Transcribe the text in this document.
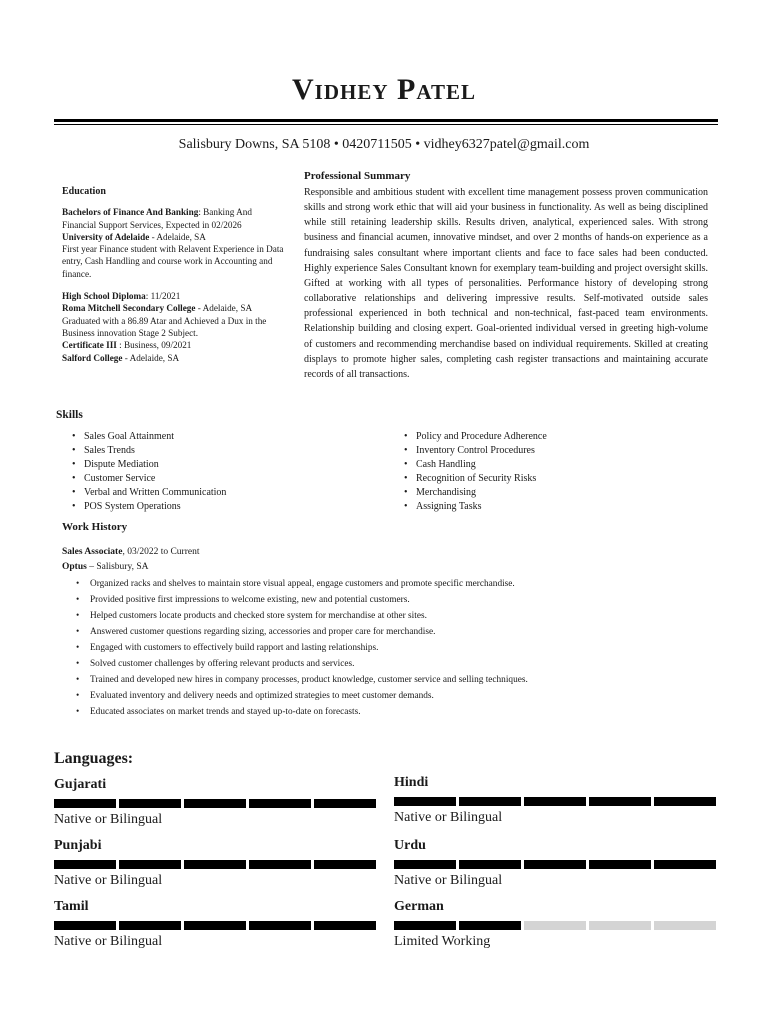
Vidhey Patel
Salisbury Downs, SA 5108 • 0420711505 • vidhey6327patel@gmail.com
Education
Bachelors of Finance And Banking: Banking And Financial Support Services, Expected in 02/2026
University of Adelaide - Adelaide, SA
First year Finance student with Relavent Experience in Data entry, Cash Handling and course work in Accounting and finance.
High School Diploma: 11/2021
Roma Mitchell Secondary College - Adelaide, SA
Graduated with a 86.89 Atar and Achieved a Dux in the Business innovation Stage 2 Subject.
Certificate III : Business, 09/2021
Salford College - Adelaide, SA
Professional Summary
Responsible and ambitious student with excellent time management possess proven communication skills and strong work ethic that will aid your business in functionality. As well as being disciplined while still retaining leadership skills. Results driven, analytical, experienced sales. With strong business and financial acumen, innovative mindset, and over 2 months of hands-on experience as a fundraising sales consultant where important clients and face to face sales had been conducted. Highly experience Sales Consultant known for exemplary team-building and project oversight skills. Gifted at working with all types of personalities. Performance history of developing strong collaborative relationships and delivering impressive results. Self-motivated outside sales professional experienced in both technical and non-technical, fast-paced team environments. Relationship building and closing expert. Goal-oriented individual versed in greeting high-volume of customers and recommending merchandise based on individual requirements. Skilled at creating displays to promote higher sales, completing cash register transactions and maintaining accurate records of all transactions.
Skills
• Sales Goal Attainment
• Sales Trends
• Dispute Mediation
• Customer Service
• Verbal and Written Communication
• POS System Operations
• Policy and Procedure Adherence
• Inventory Control Procedures
• Cash Handling
• Recognition of Security Risks
• Merchandising
• Assigning Tasks
Work History
Sales Associate, 03/2022 to Current
Optus – Salisbury, SA
• Organized racks and shelves to maintain store visual appeal, engage customers and promote specific merchandise.
• Provided positive first impressions to welcome existing, new and potential customers.
• Helped customers locate products and checked store system for merchandise at other sites.
• Answered customer questions regarding sizing, accessories and proper care for merchandise.
• Engaged with customers to effectively build rapport and lasting relationships.
• Solved customer challenges by offering relevant products and services.
• Trained and developed new hires in company processes, product knowledge, customer service and selling techniques.
• Evaluated inventory and delivery needs and optimized strategies to meet customer demands.
• Educated associates on market trends and stayed up-to-date on forecasts.
Languages:
Gujarati
Native or Bilingual
Hindi
Native or Bilingual
Punjabi
Native or Bilingual
Urdu
Native or Bilingual
Tamil
Native or Bilingual
German
Limited Working
